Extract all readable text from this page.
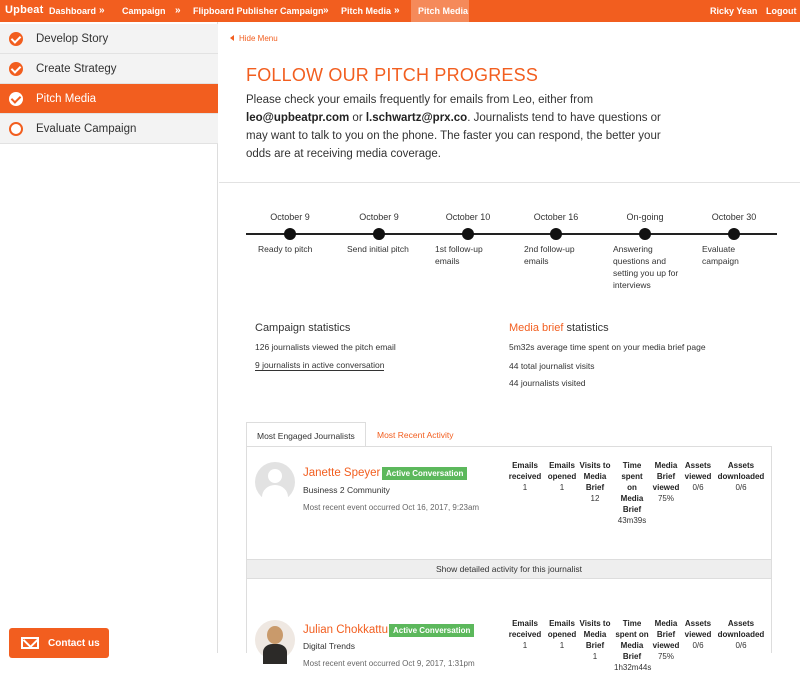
Upbeat Dashboard » Campaign » Flipboard Publisher Campaign » Pitch Media » Pitch Media	Ricky Yean Logout
Develop Story
Create Strategy
Pitch Media
Evaluate Campaign
Contact us
Hide Menu
FOLLOW OUR PITCH PROGRESS
Please check your emails frequently for emails from Leo, either from leo@upbeatpr.com or l.schwartz@prx.co. Journalists tend to have questions or may want to talk to you on the phone. The faster you can respond, the better your odds are at receiving media coverage.
October 9
Ready to pitch
October 9
Send initial pitch
October 10
1st follow-up emails
October 16
2nd follow-up emails
On-going
Answering questions and setting you up for interviews
October 30
Evaluate campaign
Campaign statistics
126 journalists viewed the pitch email
9 journalists in active conversation
Media brief statistics
5m32s average time spent on your media brief page
44 total journalist visits
44 journalists visited
Most Engaged Journalists	Most Recent Activity
Janette Speyer Active Conversation
Business 2 Community
Most recent event occurred Oct 16, 2017, 9:23am
Emails
received
1
Emails
opened
1
Visits to
Media
Brief
12
Time
spent
on
Media
Brief
43m39s
Media
Brief
viewed
75%
Assets
viewed
0/6
Assets
downloaded
0/6
Show detailed activity for this journalist
Julian Chokkattu Active Conversation
Digital Trends
Most recent event occurred Oct 9, 2017, 1:31pm
Emails
received
1
Emails
opened
1
Visits to
Media
Brief
1
Time
spent on
Media
Brief
1h32m44s
Media
Brief
viewed
75%
Assets
viewed
0/6
Assets
downloaded
0/6
